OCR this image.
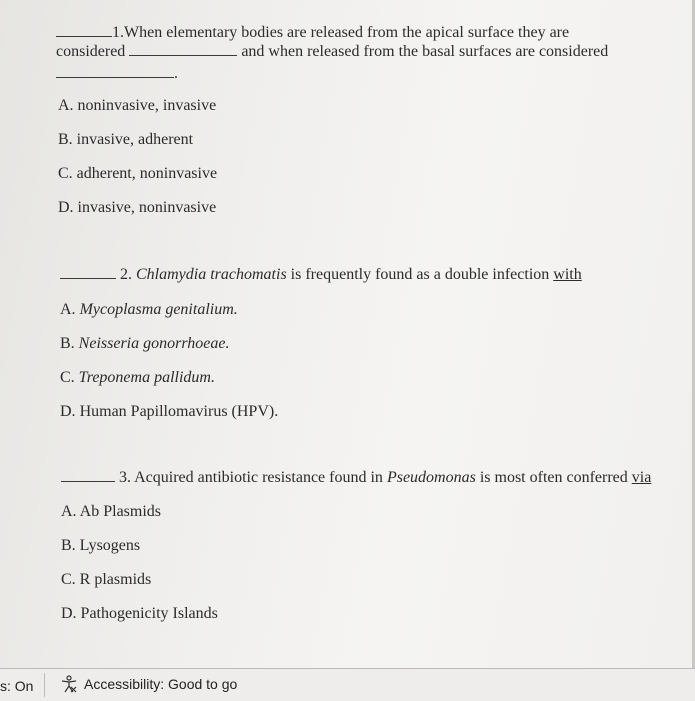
1.When elementary bodies are released from the apical surface they are
considered	and when released from the basal surfaces are considered
.
A. noninvasive, invasive
B. invasive, adherent
C. adherent, noninvasive
D. invasive, noninvasive
2. Chlamydia trachomatis is frequently found as a double infection with
A. Mycoplasma genitalium.
B. Neisseria gonorrhoeae.
C. Treponema pallidum.
D. Human Papillomavirus (HPV).
3. Acquired antibiotic resistance found in Pseudomonas is most often conferred via
A. Ab Plasmids
B. Lysogens
C. R plasmids
D. Pathogenicity Islands
s: On	Accessibility: Good to go
